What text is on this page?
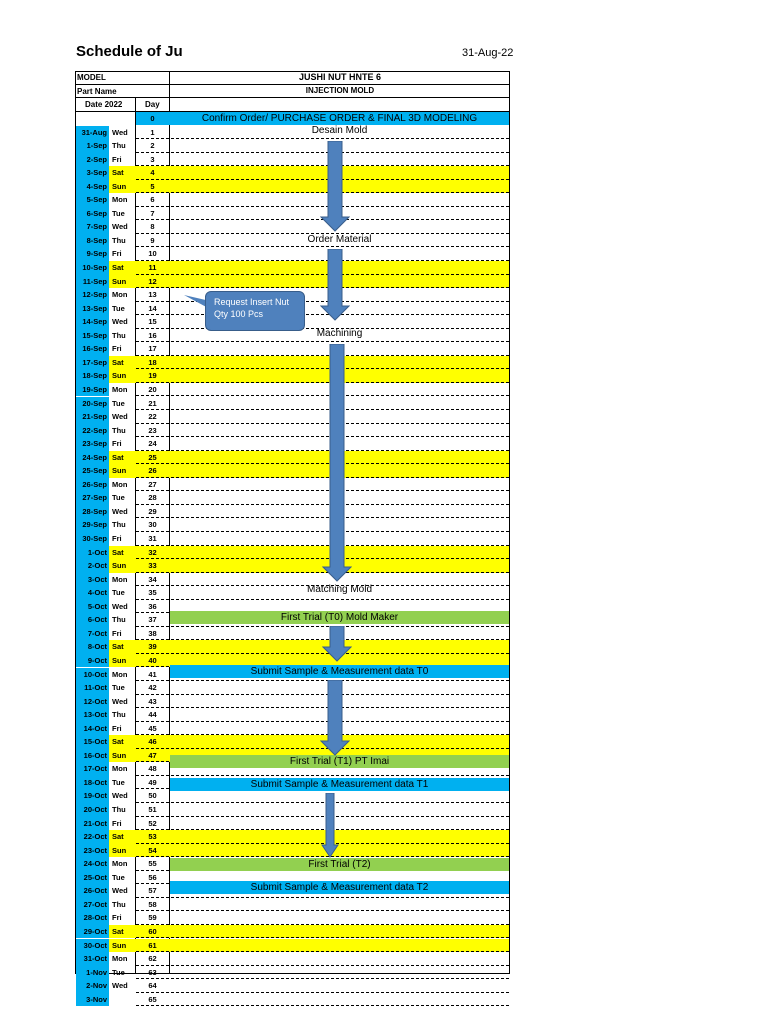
Schedule of Ju	31-Aug-22
MODEL	JUSHI NUT HNTE 6
Part Name	INJECTION MOLD
Date 2022	Day
0	Confirm Order/ PURCHASE ORDER & FINAL 3D MODELING
31-Aug Wed	1
1-Sep Thu	2
2-Sep Fri	3
3-Sep Sat	4
4-Sep Sun	5
5-Sep Mon	6
6-Sep Tue	7
7-Sep Wed	8
8-Sep Thu	9
9-Sep Fri	10
10-Sep Sat	11
11-Sep Sun	12
12-Sep Mon	13
13-Sep Tue	14
14-Sep Wed	15
15-Sep Thu	16
16-Sep Fri	17
17-Sep Sat	18
18-Sep Sun	19
19-Sep Mon	20
20-Sep Tue	21
21-Sep Wed	22
22-Sep Thu	23
23-Sep Fri	24
24-Sep Sat	25
25-Sep Sun	26
26-Sep Mon	27
27-Sep Tue	28
28-Sep Wed	29
29-Sep Thu	30
30-Sep Fri	31
1-Oct Sat	32
2-Oct Sun	33
3-Oct Mon	34
4-Oct Tue	35
5-Oct Wed	36
6-Oct Thu	37
7-Oct Fri	38
8-Oct Sat	39
9-Oct Sun	40
10-Oct Mon	41
11-Oct Tue	42
12-Oct Wed	43
13-Oct Thu	44
14-Oct Fri	45
15-Oct Sat	46
16-Oct Sun	47
17-Oct Mon	48
18-Oct Tue	49
19-Oct Wed	50
20-Oct Thu	51
21-Oct Fri	52
22-Oct Sat	53
23-Oct Sun	54
24-Oct Mon	55
25-Oct Tue	56
26-Oct Wed	57
27-Oct Thu	58
28-Oct Fri	59
29-Oct Sat	60
30-Oct Sun	61
31-Oct Mon	62
1-Nov Tue	63
2-Nov Wed	64
3-Nov	65
First Trial (T0) Mold Maker
Submit Sample & Measurement data T0
First Trial (T1) PT Imai
Submit Sample & Measurement data T1
First Trial (T2)
Submit Sample & Measurement data T2
Desain Mold
Order Material
Machining
Matching Mold
Request Insert Nut
Qty 100 Pcs
